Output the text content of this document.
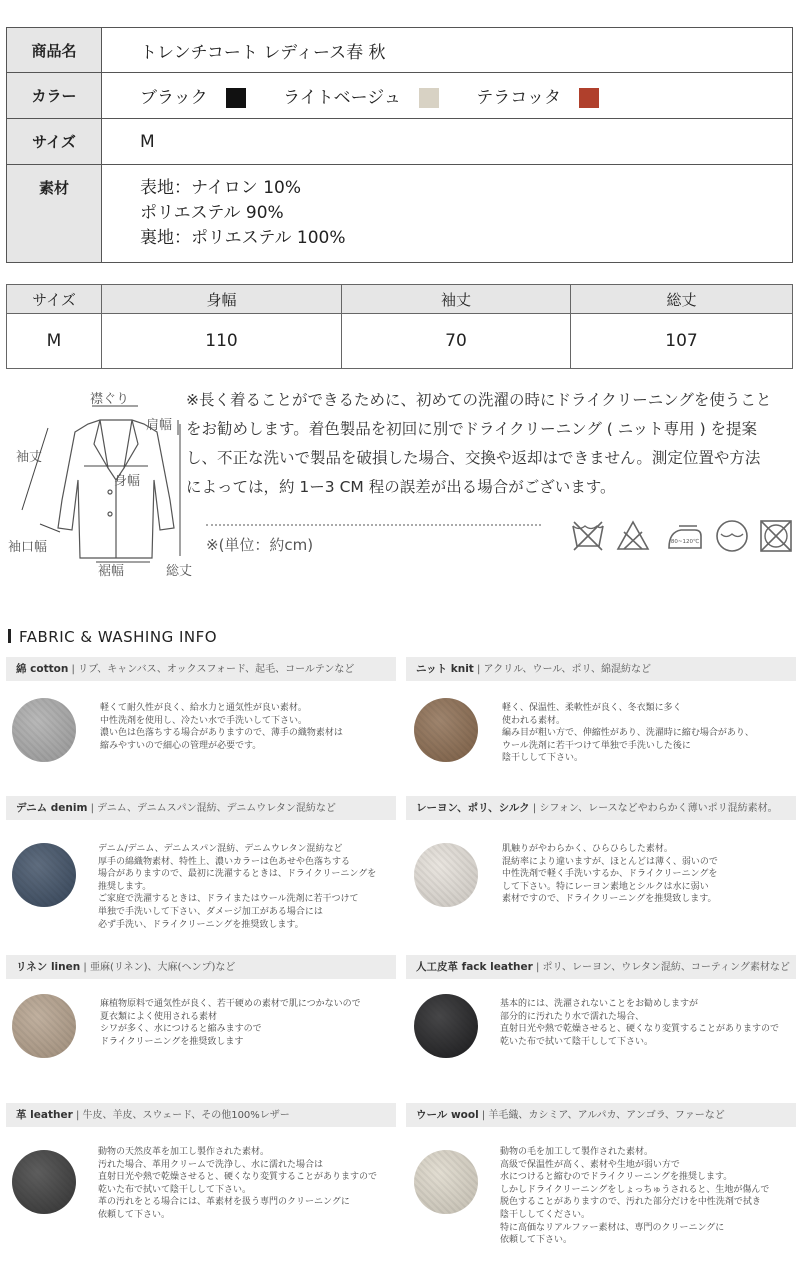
商品名	トレンチコート レディース春 秋
カラー	ブラック ライトベージュ テラコッタ
サイズ	M
素材	表地：ナイロン 10%
ポリエステル 90%
裏地：ポリエステル 100%
サイズ	身幅	袖丈	総丈
M	110	70	107
襟ぐり
肩幅
袖丈
身幅
袖口幅
裾幅	総丈
※長く着ることができるために、初めての洗濯の時にドライクリーニングを使うこと
をお勧めします。着色製品を初回に別でドライクリーニング ( ニット専用 ) を提案
し、不正な洗いで製品を破損した場合、交換や返却はできません。測定位置や方法
によっては，約 1ー3 CM 程の誤差が出る場合がございます。
※(単位：約cm)	80~120℃
FABRIC & WASHING INFO
綿 cotton | リブ、キャンバス、オックスフォード、起毛、コールテンなど
軽くて耐久性が良く、給水力と通気性が良い素材。
中性洗剤を使用し、冷たい水で手洗いして下さい。
濃い色は色落ちする場合がありますので、薄手の織物素材は
縮みやすいので細心の管理が必要です。
ニット knit | アクリル、ウール、ポリ、綿混紡など
軽く、保温性、柔軟性が良く、冬衣類に多く
使われる素材。
編み目が粗い方で、伸縮性があり、洗濯時に縮む場合があり、
ウール洗剤に若干つけて単独で手洗いした後に
陰干しして下さい。
デニム denim | デニム、デニムスパン混紡、デニムウレタン混紡など
デニム/デニム、デニムスパン混紡、デニムウレタン混紡など
厚手の綿織物素材、特性上、濃いカラーは色あせや色落ちする
場合がありますので、最初に洗濯するときは、ドライクリーニングを
推奨します。
ご家庭で洗濯するときは、ドライまたはウール洗剤に若干つけて
単独で手洗いして下さい、ダメージ加工がある場合には
必ず手洗い、ドライクリーニングを推奨致します。
レーヨン、ポリ、シルク | シフォン、レースなどやわらかく薄いポリ混紡素材。
肌触りがやわらかく、ひらひらした素材。
混紡率により違いますが、ほとんどは薄く、弱いので
中性洗剤で軽く手洗いするか、ドライクリーニングを
して下さい。特にレーヨン素地とシルクは水に弱い
素材ですので、ドライクリーニングを推奨致します。
リネン linen | 亜麻(リネン)、大麻(ヘンプ)など
麻植物原料で通気性が良く、若干硬めの素材で肌につかないので
夏衣類によく使用される素材
シワが多く、水につけると縮みますので
ドライクリーニングを推奨致します
人工皮革 fack leather | ポリ、レーヨン、ウレタン混紡、コーティング素材など
基本的には、洗濯されないことをお勧めしますが
部分的に汚れたり水で濡れた場合、
直射日光や熱で乾燥させると、硬くなり変質することがありますので
乾いた布で拭いて陰干しして下さい。
革 leather | 牛皮、羊皮、スウェード、その他100%レザー
動物の天然皮革を加工し製作された素材。
汚れた場合、革用クリームで洗浄し、水に濡れた場合は
直射日光や熱で乾燥させると、硬くなり変質することがありますので
乾いた布で拭いて陰干しして下さい。
革の汚れをとる場合には、革素材を扱う専門のクリーニングに
依頼して下さい。
ウール wool | 羊毛織、カシミア、アルパカ、アンゴラ、ファーなど
動物の毛を加工して製作された素材。
高級で保温性が高く、素材や生地が弱い方で
水につけると縮むのでドライクリーニングを推奨します。
しかしドライクリーニングをしょっちゅうされると、生地が傷んで
脱色することがありますので、汚れた部分だけを中性洗剤で拭き
陰干ししてください。
特に高価なリアルファー素材は、専門のクリーニングに
依頼して下さい。
